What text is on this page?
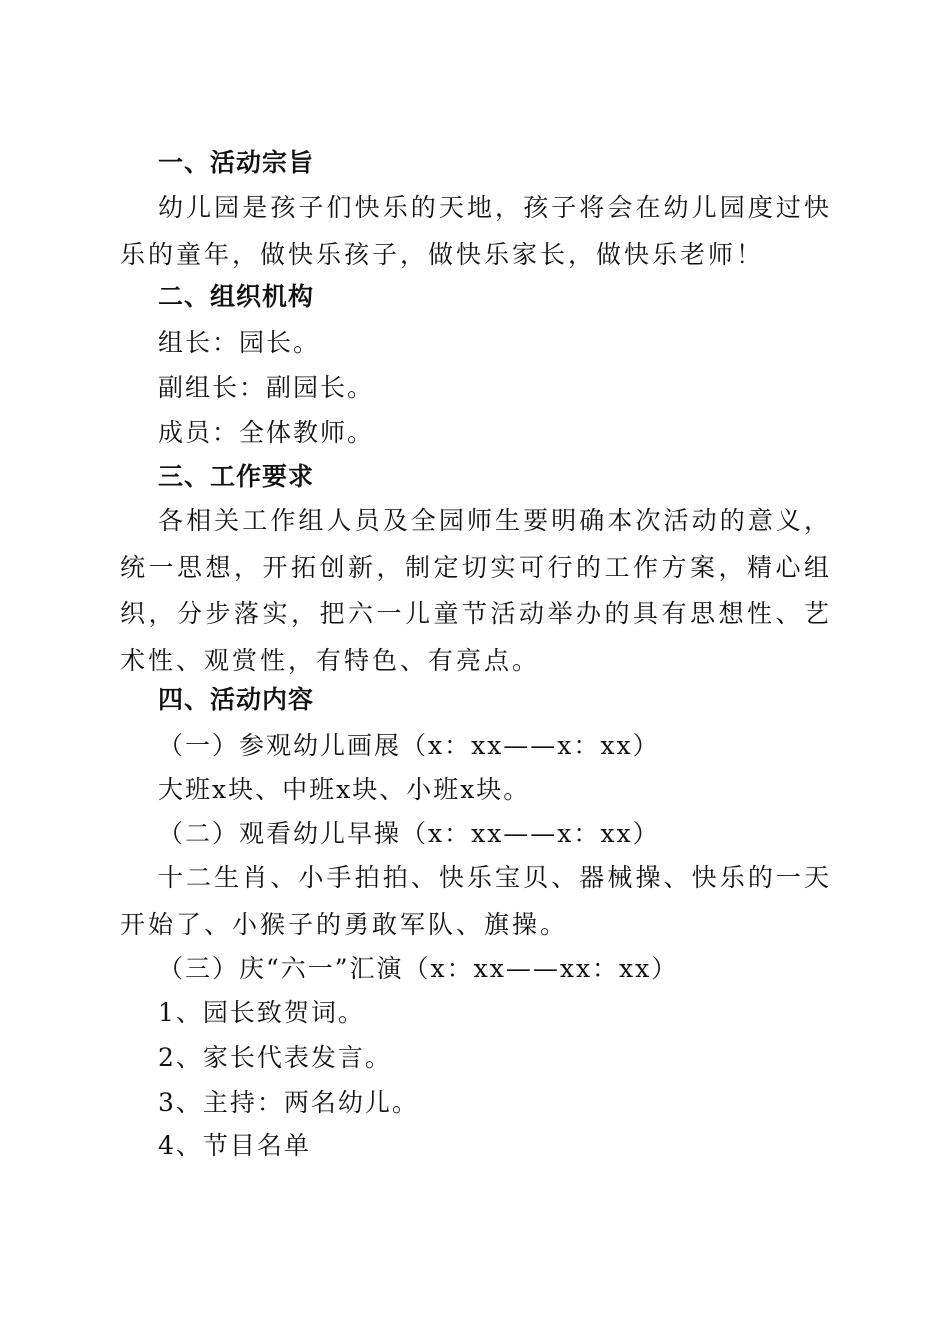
一、活动宗旨
幼儿园是孩子们快乐的天地，孩子将会在幼儿园度过快乐的童年，做快乐孩子，做快乐家长，做快乐老师！
二、组织机构
组长：园长。
副组长：副园长。
成员：全体教师。
三、工作要求
各相关工作组人员及全园师生要明确本次活动的意义，统一思想，开拓创新，制定切实可行的工作方案，精心组织，分步落实，把六一儿童节活动举办的具有思想性、艺术性、观赏性，有特色、有亮点。
四、活动内容
（一）参观幼儿画展（x：xx——x：xx）
大班x块、中班x块、小班x块。
（二）观看幼儿早操（x：xx——x：xx）
十二生肖、小手拍拍、快乐宝贝、器械操、快乐的一天开始了、小猴子的勇敢军队、旗操。
（三）庆“六一”汇演（x：xx——xx：xx）
1、园长致贺词。
2、家长代表发言。
3、主持：两名幼儿。
4、节目名单
